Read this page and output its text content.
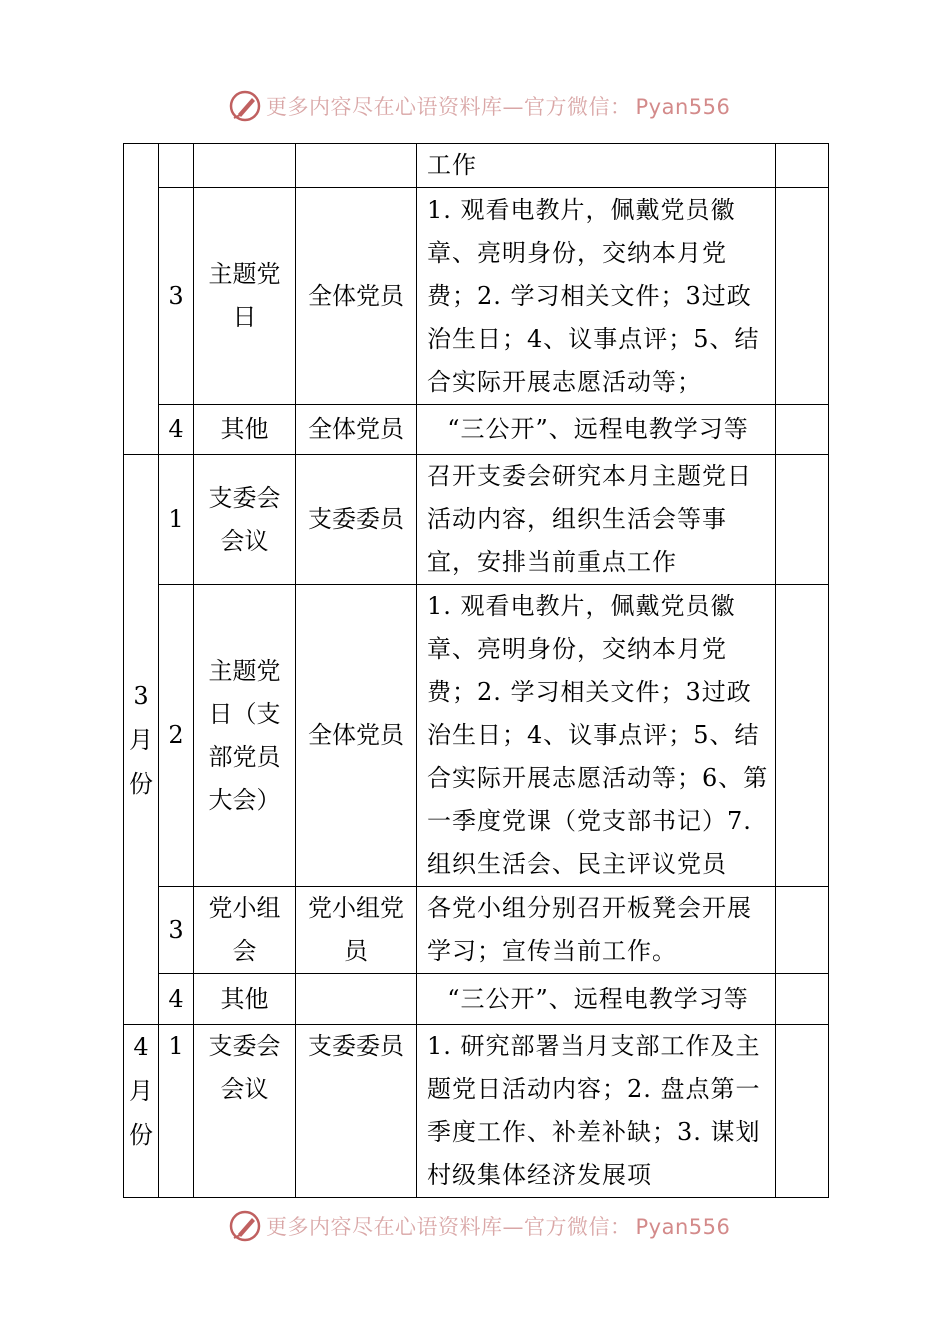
更多内容尽在心语资料库—官方微信： Pyan556
				工作	
	3	主题党日	全体党员	1. 观看电教片，佩戴党员徽章、亮明身份，交纳本月党费；2. 学习相关文件；3过政治生日；4、议事点评；5、结合实际开展志愿活动等；	
	4	其他	全体党员	“三公开”、远程电教学习等	

3月份	1	支委会会议	支委委员	召开支委会研究本月主题党日活动内容，组织生活会等事宜，安排当前重点工作	
	2	主题党日（支部党员大会）	全体党员	1. 观看电教片，佩戴党员徽章、亮明身份，交纳本月党费；2. 学习相关文件；3过政治生日；4、议事点评；5、结合实际开展志愿活动等；6、第一季度党课（党支部书记）7.组织生活会、民主评议党员	
	3	党小组会	党小组党员	各党小组分别召开板凳会开展学习；宣传当前工作。	
	4	其他		“三公开”、远程电教学习等	

4月份	1	支委会会议	支委委员	1. 研究部署当月支部工作及主题党日活动内容；2. 盘点第一季度工作、补差补缺；3. 谋划村级集体经济发展项	
更多内容尽在心语资料库—官方微信： Pyan556
